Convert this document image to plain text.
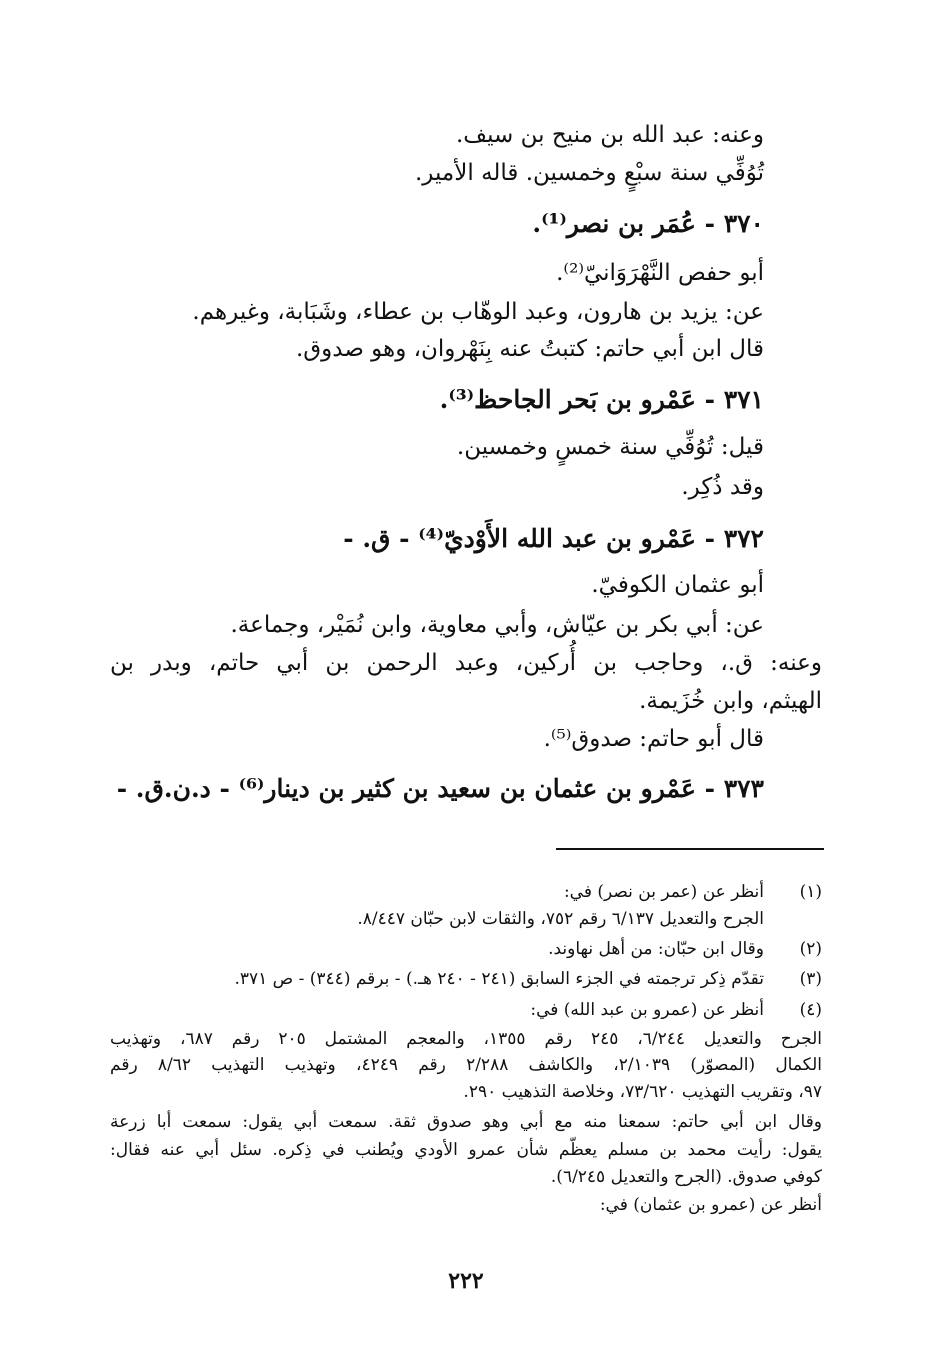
وعنه: عبد الله بن منيح بن سيف.
تُوُفِّي سنة سبْعٍ وخمسين. قاله الأمير.
٣٧٠ - عُمَر بن نصر⁽¹⁾.
أبو حفص النَّهْرَوَانيّ⁽²⁾.
عن: يزيد بن هارون، وعبد الوهّاب بن عطاء، وشَبَابة، وغيرهم.
قال ابن أبي حاتم: كتبتُ عنه بِنَهْروان، وهو صدوق.
٣٧١ - عَمْرو بن بَحر الجاحظ⁽³⁾.
قيل: تُوُفِّي سنة خمسٍ وخمسين.
وقد ذُكِر.
٣٧٢ - عَمْرو بن عبد الله الأَوْديّ⁽⁴⁾ - ق. -
أبو عثمان الكوفيّ.
عن: أبي بكر بن عيّاش، وأبي معاوية، وابن نُمَيْر، وجماعة.
وعنه: ق.، وحاجب بن أُركين، وعبد الرحمن بن أبي حاتم، وبدر بن
الهيثم، وابن خُزَيمة.
قال أبو حاتم: صدوق⁽⁵⁾.
٣٧٣ - عَمْرو بن عثمان بن سعيد بن كثير بن دينار⁽⁶⁾ - د.ن.ق. -
(١)
أنظر عن (عمر بن نصر) في:
الجرح والتعديل ٦/١٣٧ رقم ٧٥٢، والثقات لابن حبّان ٨/٤٤٧.
(٢)
وقال ابن حبّان: من أهل نهاوند.
(٣)
تقدّم ذِكر ترجمته في الجزء السابق (٢٤١ - ٢٤٠ هـ.) - برقم (٣٤٤) - ص ٣٧١.
(٤)
أنظر عن (عمرو بن عبد الله) في:
الجرح والتعديل ٦/٢٤٤، ٢٤٥ رقم ١٣٥٥، والمعجم المشتمل ٢٠٥ رقم ٦٨٧، وتهذيب
الكمال (المصوّر) ٢/١٠٣٩، والكاشف ٢/٢٨٨ رقم ٤٢٤٩، وتهذيب التهذيب ٨/٦٢ رقم
٩٧، وتقريب التهذيب ٧٣/٦٢٠، وخلاصة التذهيب ٢٩٠.
وقال ابن أبي حاتم: سمعنا منه مع أبي وهو صدوق ثقة. سمعت أبي يقول: سمعت أبا زرعة
يقول: رأيت محمد بن مسلم يعظّم شأن عمرو الأودي ويُطنب في ذِكره. سئل أبي عنه فقال:
كوفي صدوق. (الجرح والتعديل ٦/٢٤٥).
أنظر عن (عمرو بن عثمان) في:
٢٢٢
